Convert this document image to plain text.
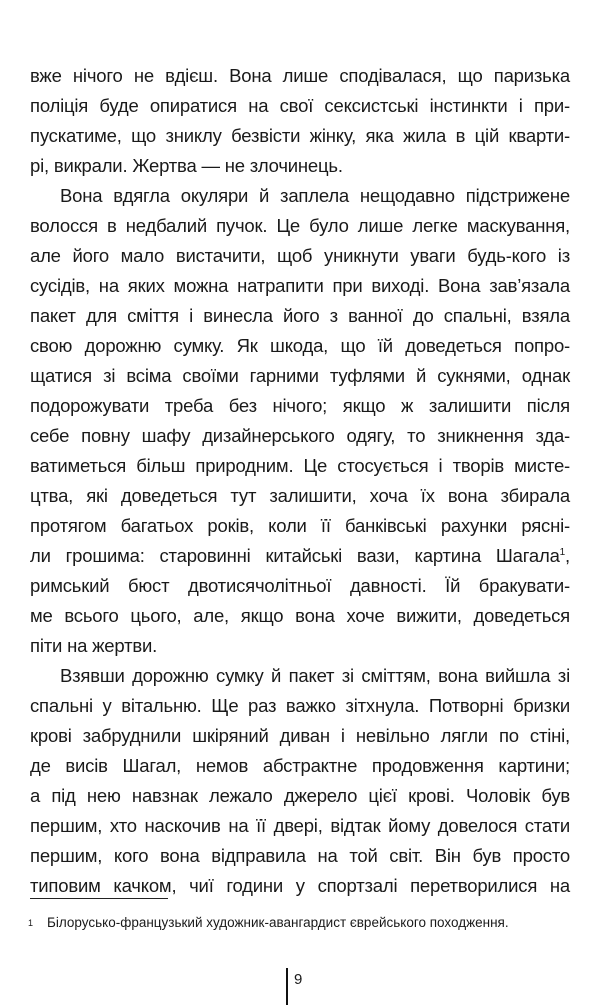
вже нічого не вдієш. Вона лише сподівалася, що паризька
поліція буде опиратися на свої сексистські інстинкти і при-
пускатиме, що зниклу безвісти жінку, яка жила в цій кварти-
рі, викрали. Жертва — не злочинець.
Вона вдягла окуляри й заплела нещодавно підстрижене
волосся в недбалий пучок. Це було лише легке маскування,
але його мало вистачити, щоб уникнути уваги будь-кого із
сусідів, на яких можна натрапити при виході. Вона зав’язала
пакет для сміття і винесла його з ванної до спальні, взяла
свою дорожню сумку. Як шкода, що їй доведеться попро-
щатися зі всіма своїми гарними туфлями й сукнями, однак
подорожувати треба без нічого; якщо ж залишити після
себе повну шафу дизайнерського одягу, то зникнення зда-
ватиметься більш природним. Це стосується і творів мисте-
цтва, які доведеться тут залишити, хоча їх вона збирала
протягом багатьох років, коли її банківські рахунки рясні-
ли грошима: старовинні китайські вази, картина Шагала$^1$,
римський бюст двотисячолітньої давності. Їй бракувати-
ме всього цього, але, якщо вона хоче вижити, доведеться
піти на жертви.
Взявши дорожню сумку й пакет зі сміттям, вона вийшла зі
спальні у вітальню. Ще раз важко зітхнула. Потворні бризки
крові забруднили шкіряний диван і невільно лягли по стіні,
де висів Шагал, немов абстрактне продовження картини;
а під нею навзнак лежало джерело цієї крові. Чоловік був
першим, хто наскочив на її двері, відтак йому довелося стати
першим, кого вона відправила на той світ. Він був просто
типовим качком, чиї години у спортзалі перетворилися на
$^1$ Білорусько-французький художник-авангардист єврейського походження.
9
